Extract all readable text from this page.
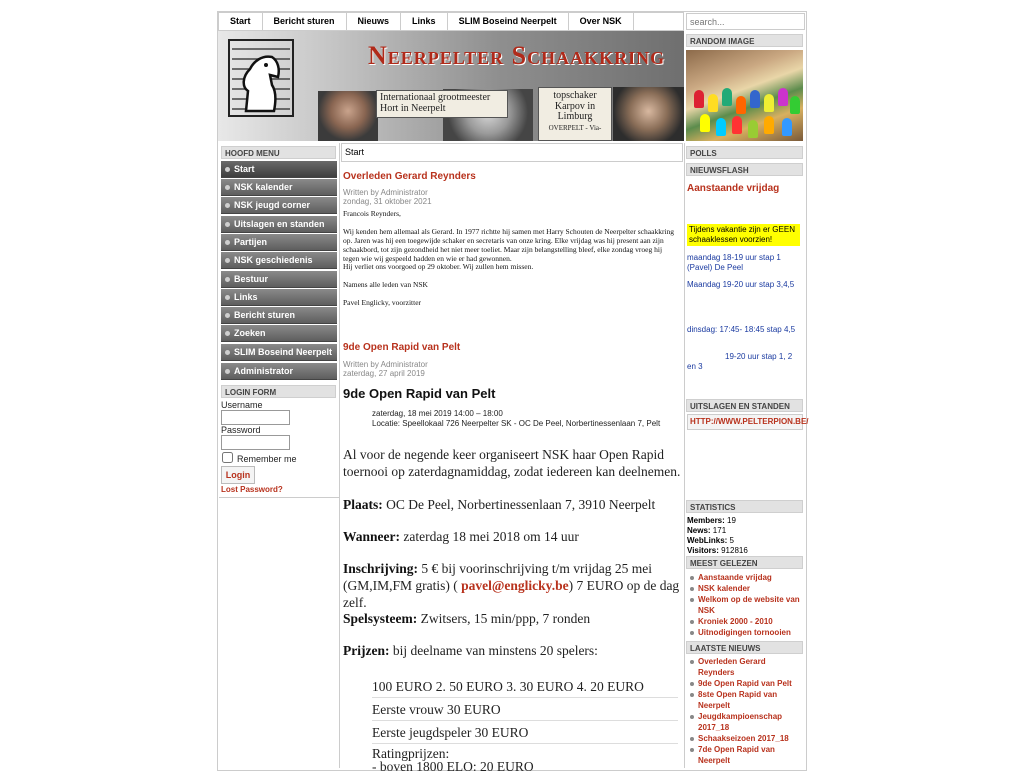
Start	Bericht sturen	Nieuws	Links	SLIM Boseind Neerpelt	Over NSK
search...
Neerpelter Schaakkring
Internationaal grootmeester Hort in Neerpelt
topschaker Karpov in Limburg
OVERPELT - Via-
RANDOM IMAGE
HOOFD MENU
Start
NSK kalender
NSK jeugd corner
Uitslagen en standen
Partijen
NSK geschiedenis
Bestuur
Links
Bericht sturen
Zoeken
SLIM Boseind Neerpelt
Administrator
LOGIN FORM
Username
Password
Remember me
Login
Lost Password?
Start
Overleden Gerard Reynders
Written by Administrator
zondag, 31 oktober 2021
Francois Reynders,
Wij kenden hem allemaal als Gerard. In 1977 richtte hij samen met Harry Schouten de Neerpelter schaakkring op. Jaren was hij een toegewijde schaker en secretaris van onze kring. Elke vrijdag was hij present aan zijn schaakbord, tot zijn gezondheid het niet meer toeliet. Maar zijn belangstelling bleef, elke zondag vroeg hij tegen wie wij gespeeld hadden en wie er had gewonnen.
Hij verliet ons voorgoed op 29 oktober. Wij zullen hem missen.
Namens alle leden van NSK
Pavel Englicky, voorzitter
9de Open Rapid van Pelt
Written by Administrator
zaterdag, 27 april 2019
9de Open Rapid van Pelt
zaterdag, 18 mei 2019 14:00 – 18:00
Locatie: Speellokaal 726 Neerpelter SK - OC De Peel, Norbertinessenlaan 7, Pelt
Al voor de negende keer organiseert NSK haar Open Rapid toernooi op zaterdagnamiddag, zodat iedereen kan deelnemen.
Plaats: OC De Peel, Norbertinessenlaan 7, 3910 Neerpelt
Wanneer: zaterdag 18 mei 2018 om 14 uur
Inschrijving: 5 € bij voorinschrijving t/m vrijdag 25 mei (GM,IM,FM gratis) ( pavel@englicky.be) 7 EURO op de dag zelf.
Spelsysteem: Zwitsers, 15 min/ppp, 7 ronden
Prijzen: bij deelname van minstens 20 spelers:
100 EURO 2. 50 EURO 3. 30 EURO 4. 20 EURO
Eerste vrouw 30 EURO
Eerste jeugdspeler 30 EURO
Ratingprijzen:
- boven 1800 ELO: 20 EURO
POLLS
NIEUWSFLASH
Aanstaande vrijdag
Tijdens vakantie zijn er GEEN schaaklessen voorzien!
maandag 18-19 uur stap 1 (Pavel) De Peel
Maandag 19-20 uur stap 3,4,5
dinsdag: 17:45- 18:45 stap 4,5
19-20 uur stap 1, 2 en 3
UITSLAGEN EN STANDEN
HTTP://WWW.PELTERPION.BE/
STATISTICS
Members: 19
News: 171
WebLinks: 5
Visitors: 912816
MEEST GELEZEN
Aanstaande vrijdag
NSK kalender
Welkom op de website van NSK
Kroniek 2000 - 2010
Uitnodigingen tornooien
LAATSTE NIEUWS
Overleden Gerard Reynders
9de Open Rapid van Pelt
8ste Open Rapid van Neerpelt
Jeugdkampioenschap 2017_18
Schaakseizoen 2017_18
7de Open Rapid van Neerpelt
